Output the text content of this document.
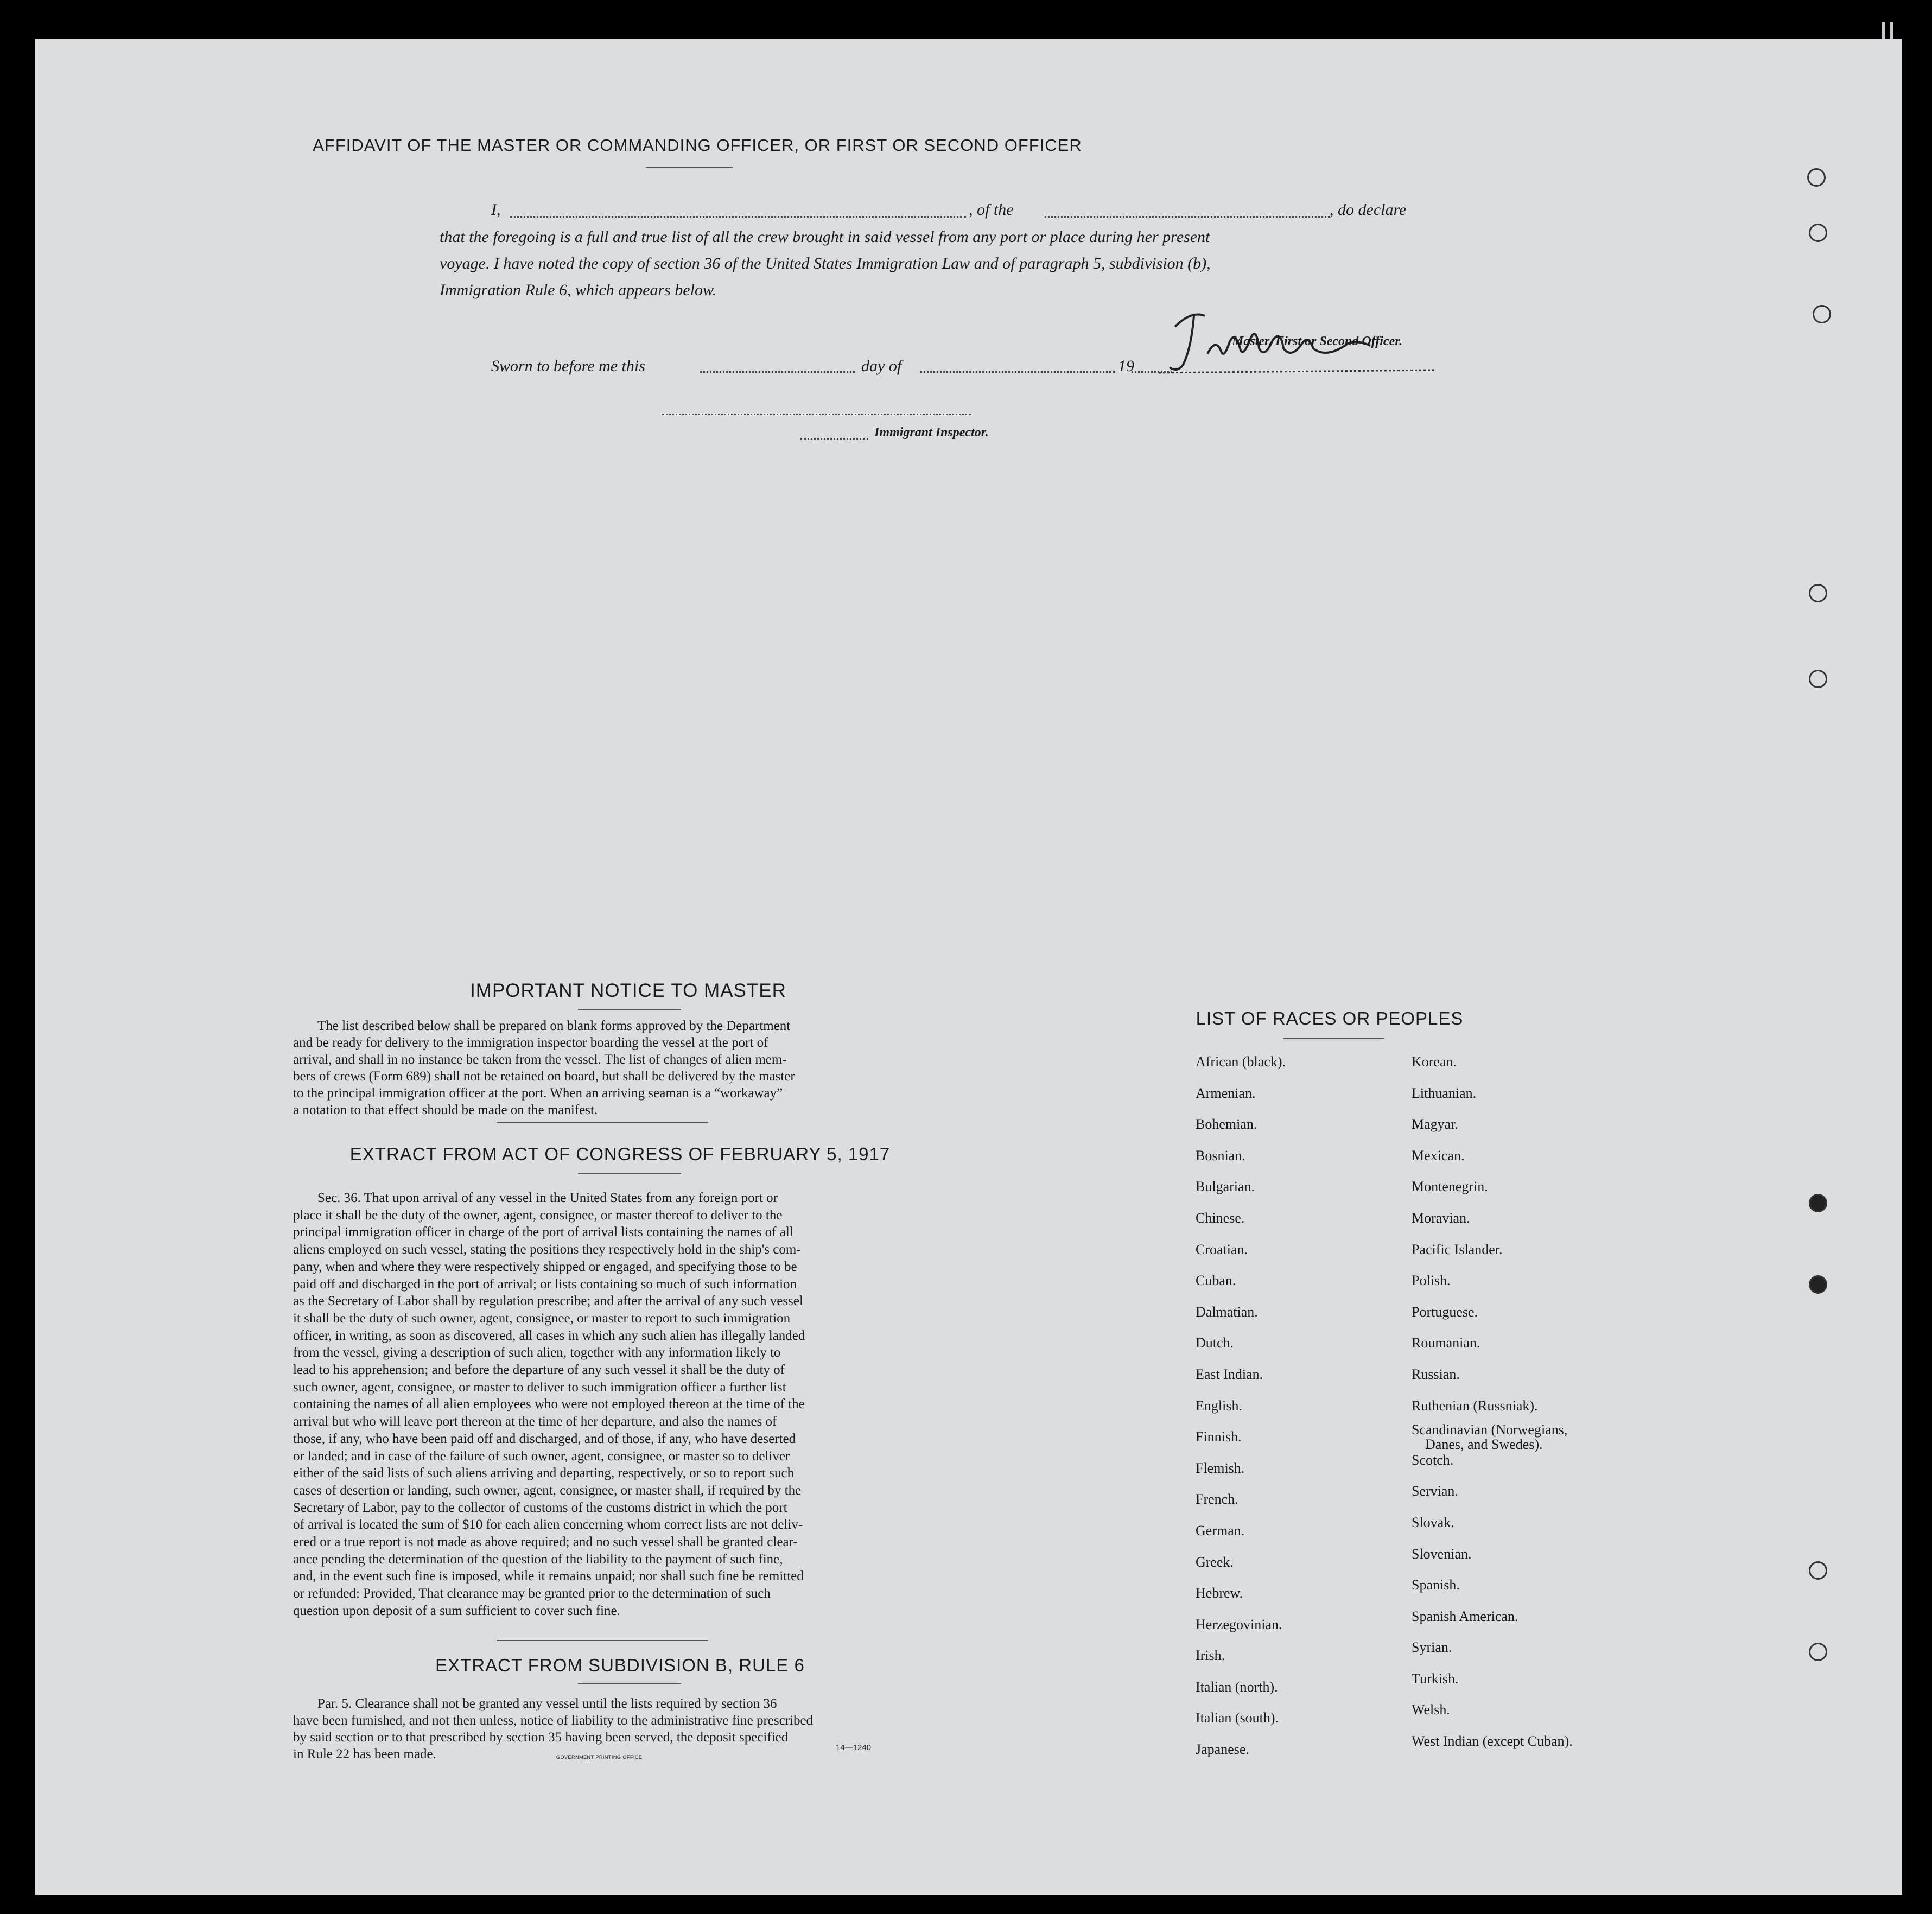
AFFIDAVIT OF THE MASTER OR COMMANDING OFFICER, OR FIRST OR SECOND OFFICER
I,	, of the	, do declare
that the foregoing is a full and true list of all the crew brought in said vessel from any port or place during her present
voyage. I have noted the copy of section 36 of the United States Immigration Law and of paragraph 5, subdivision (b),
Immigration Rule 6, which appears below.
Master, First or Second Officer.
Sworn to before me this	day of	19
Immigrant Inspector.
IMPORTANT NOTICE TO MASTER
The list described below shall be prepared on blank forms approved by the Department
and be ready for delivery to the immigration inspector boarding the vessel at the port of
arrival, and shall in no instance be taken from the vessel. The list of changes of alien mem-
bers of crews (Form 689) shall not be retained on board, but shall be delivered by the master
to the principal immigration officer at the port. When an arriving seaman is a “workaway”
a notation to that effect should be made on the manifest.
EXTRACT FROM ACT OF CONGRESS OF FEBRUARY 5, 1917
Sec. 36. That upon arrival of any vessel in the United States from any foreign port or
place it shall be the duty of the owner, agent, consignee, or master thereof to deliver to the
principal immigration officer in charge of the port of arrival lists containing the names of all
aliens employed on such vessel, stating the positions they respectively hold in the ship's com-
pany, when and where they were respectively shipped or engaged, and specifying those to be
paid off and discharged in the port of arrival; or lists containing so much of such information
as the Secretary of Labor shall by regulation prescribe; and after the arrival of any such vessel
it shall be the duty of such owner, agent, consignee, or master to report to such immigration
officer, in writing, as soon as discovered, all cases in which any such alien has illegally landed
from the vessel, giving a description of such alien, together with any information likely to
lead to his apprehension; and before the departure of any such vessel it shall be the duty of
such owner, agent, consignee, or master to deliver to such immigration officer a further list
containing the names of all alien employees who were not employed thereon at the time of the
arrival but who will leave port thereon at the time of her departure, and also the names of
those, if any, who have been paid off and discharged, and of those, if any, who have deserted
or landed; and in case of the failure of such owner, agent, consignee, or master so to deliver
either of the said lists of such aliens arriving and departing, respectively, or so to report such
cases of desertion or landing, such owner, agent, consignee, or master shall, if required by the
Secretary of Labor, pay to the collector of customs of the customs district in which the port
of arrival is located the sum of $10 for each alien concerning whom correct lists are not deliv-
ered or a true report is not made as above required; and no such vessel shall be granted clear-
ance pending the determination of the question of the liability to the payment of such fine,
and, in the event such fine is imposed, while it remains unpaid; nor shall such fine be remitted
or refunded: Provided, That clearance may be granted prior to the determination of such
question upon deposit of a sum sufficient to cover such fine.
EXTRACT FROM SUBDIVISION B, RULE 6
Par. 5. Clearance shall not be granted any vessel until the lists required by section 36
have been furnished, and not then unless, notice of liability to the administrative fine prescribed
by said section or to that prescribed by section 35 having been served, the deposit specified
in Rule 22 has been made.	14—1240
GOVERNMENT PRINTING OFFICE
LIST OF RACES OR PEOPLES
African (black).
Armenian.
Bohemian.
Bosnian.
Bulgarian.
Chinese.
Croatian.
Cuban.
Dalmatian.
Dutch.
East Indian.
English.
Finnish.
Flemish.
French.
German.
Greek.
Hebrew.
Herzegovinian.
Irish.
Italian (north).
Italian (south).
Japanese.
Korean.
Lithuanian.
Magyar.
Mexican.
Montenegrin.
Moravian.
Pacific Islander.
Polish.
Portuguese.
Roumanian.
Russian.
Ruthenian (Russniak).
Scandinavian (Norwegians,
Danes, and Swedes).
Scotch.
Servian.
Slovak.
Slovenian.
Spanish.
Spanish American.
Syrian.
Turkish.
Welsh.
West Indian (except Cuban).
